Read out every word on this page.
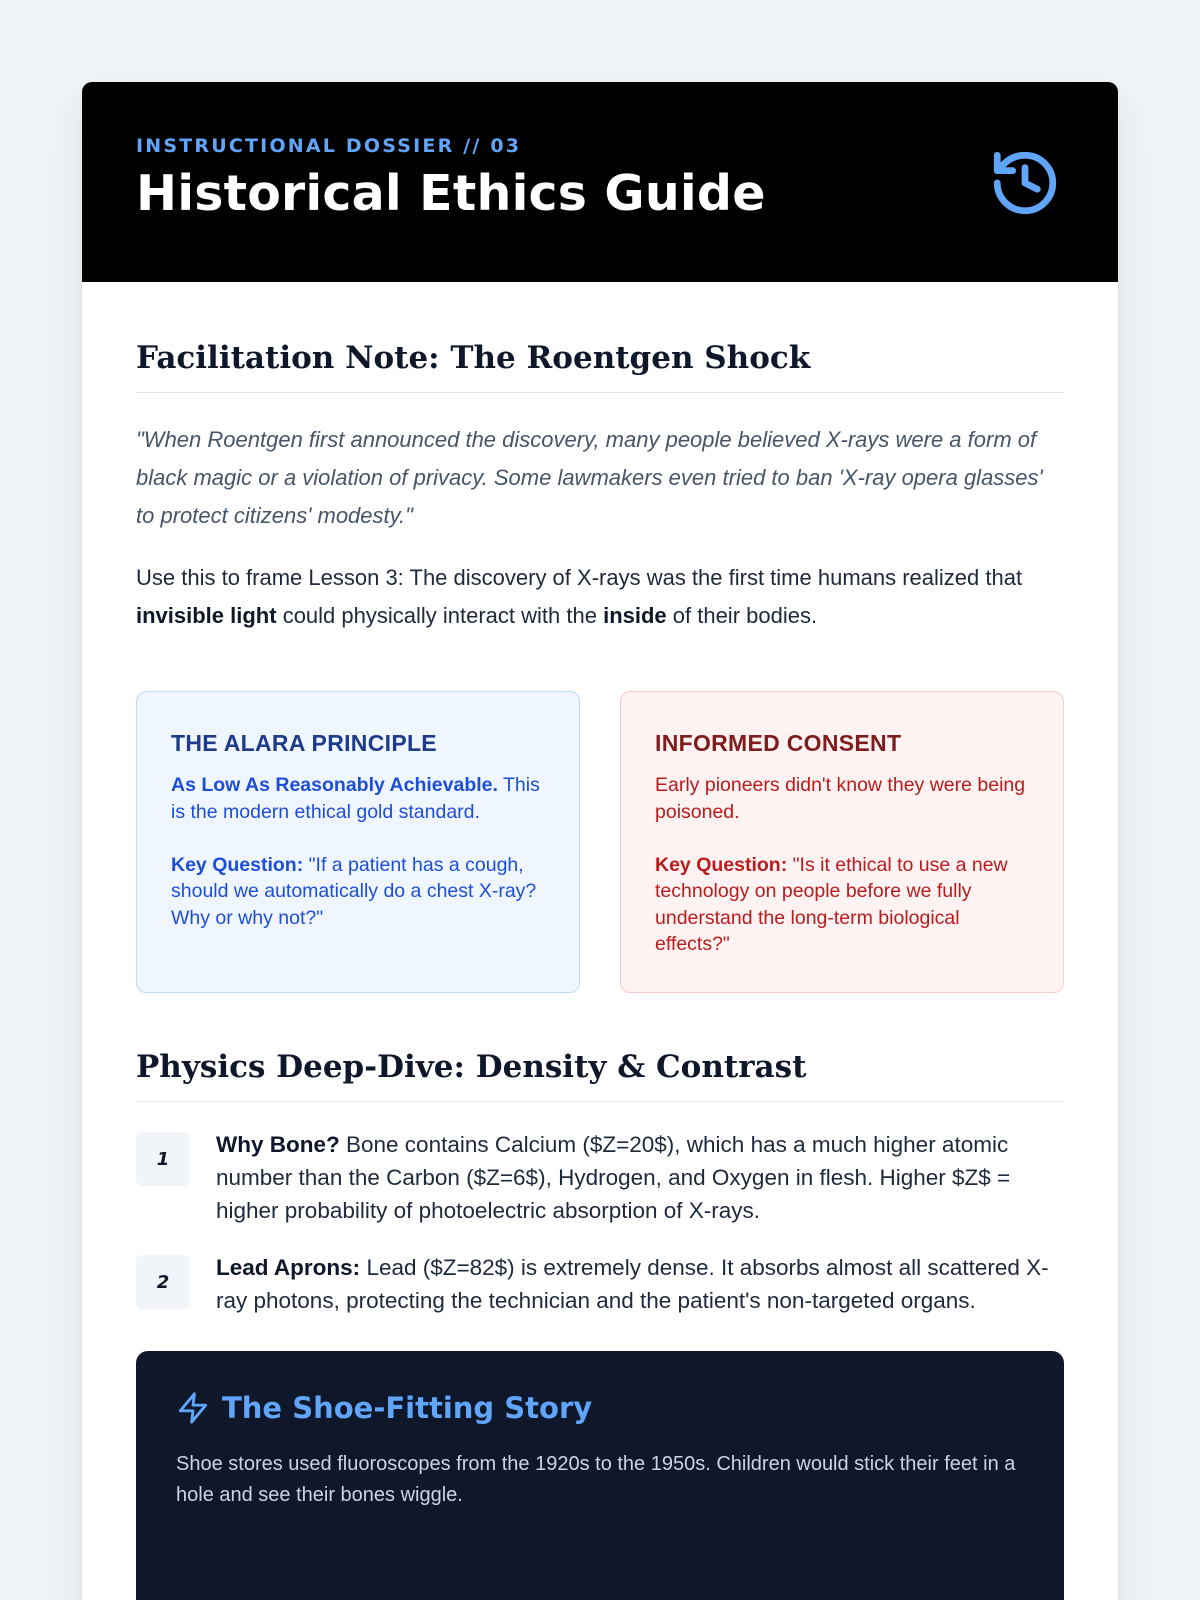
INSTRUCTIONAL DOSSIER // 03
Historical Ethics Guide
Facilitation Note: The Roentgen Shock

"When Roentgen first announced the discovery, many people believed X-rays were a form of black magic or a violation of privacy. Some lawmakers even tried to ban 'X-ray opera glasses' to protect citizens' modesty."

Use this to frame Lesson 3: The discovery of X-rays was the first time humans realized that invisible light could physically interact with the inside of their bodies.

THE ALARA PRINCIPLE
As Low As Reasonably Achievable. This is the modern ethical gold standard.
Key Question: "If a patient has a cough, should we automatically do a chest X-ray? Why or why not?"
INFORMED CONSENT
Early pioneers didn't know they were being poisoned.
Key Question: "Is it ethical to use a new technology on people before we fully understand the long-term biological effects?"
Physics Deep-Dive: Density & Contrast
1
Why Bone? Bone contains Calcium ($Z=20$), which has a much higher atomic number than the Carbon ($Z=6$), Hydrogen, and Oxygen in flesh. Higher $Z$ = higher probability of photoelectric absorption of X-rays.
2
Lead Aprons: Lead ($Z=82$) is extremely dense. It absorbs almost all scattered X-ray photons, protecting the technician and the patient's non-targeted organs.
The Shoe-Fitting Story

Shoe stores used fluoroscopes from the 1920s to the 1950s. Children would stick their feet in a hole and see their bones wiggle.
